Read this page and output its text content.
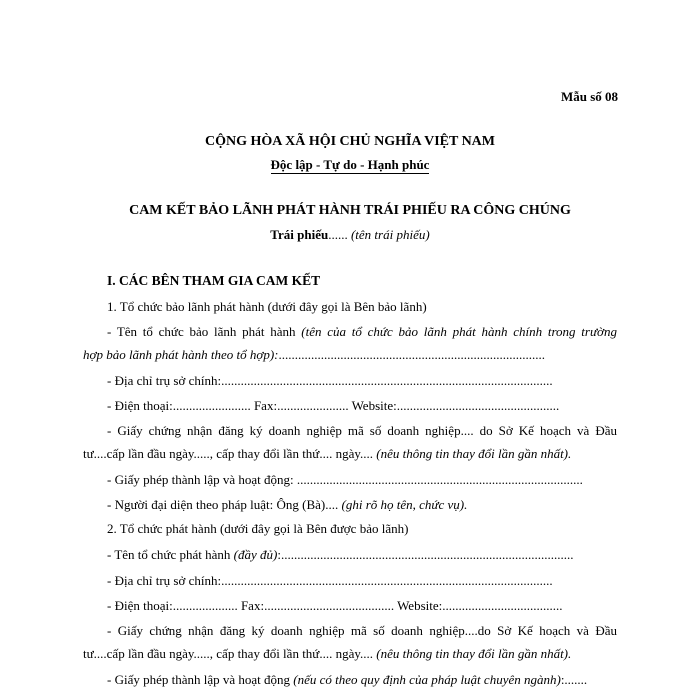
Mẫu số 08
CỘNG HÒA XÃ HỘI CHỦ NGHĨA VIỆT NAM
Độc lập - Tự do - Hạnh phúc
CAM KẾT BẢO LÃNH PHÁT HÀNH TRÁI PHIẾU RA CÔNG CHÚNG
Trái phiếu...... (tên trái phiếu)
I. CÁC BÊN THAM GIA CAM KẾT
1. Tổ chức bảo lãnh phát hành (dưới đây gọi là Bên bảo lãnh)
- Tên tổ chức bảo lãnh phát hành (tên của tổ chức bảo lãnh phát hành chính trong trường
hợp bảo lãnh phát hành theo tổ hợp):..................................................................................
- Địa chỉ trụ sở chính:......................................................................................................
- Điện thoại:........................ Fax:...................... Website:..................................................
- Giấy chứng nhận đăng ký doanh nghiệp mã số doanh nghiệp.... do Sở Kế hoạch và Đầu
tư....cấp lần đầu ngày....., cấp thay đổi lần thứ.... ngày.... (nêu thông tin thay đổi lần gần nhất).
- Giấy phép thành lập và hoạt động: ........................................................................................
- Người đại diện theo pháp luật: Ông (Bà).... (ghi rõ họ tên, chức vụ).
2. Tổ chức phát hành (dưới đây gọi là Bên được bảo lãnh)
- Tên tổ chức phát hành (đầy đủ):..........................................................................................
- Địa chỉ trụ sở chính:......................................................................................................
- Điện thoại:.................... Fax:........................................ Website:.....................................
- Giấy chứng nhận đăng ký doanh nghiệp mã số doanh nghiệp....do Sở Kế hoạch và Đầu
tư....cấp lần đầu ngày....., cấp thay đổi lần thứ.... ngày.... (nêu thông tin thay đổi lần gần nhất).
- Giấy phép thành lập và hoạt động (nếu có theo quy định của pháp luật chuyên ngành):.......
